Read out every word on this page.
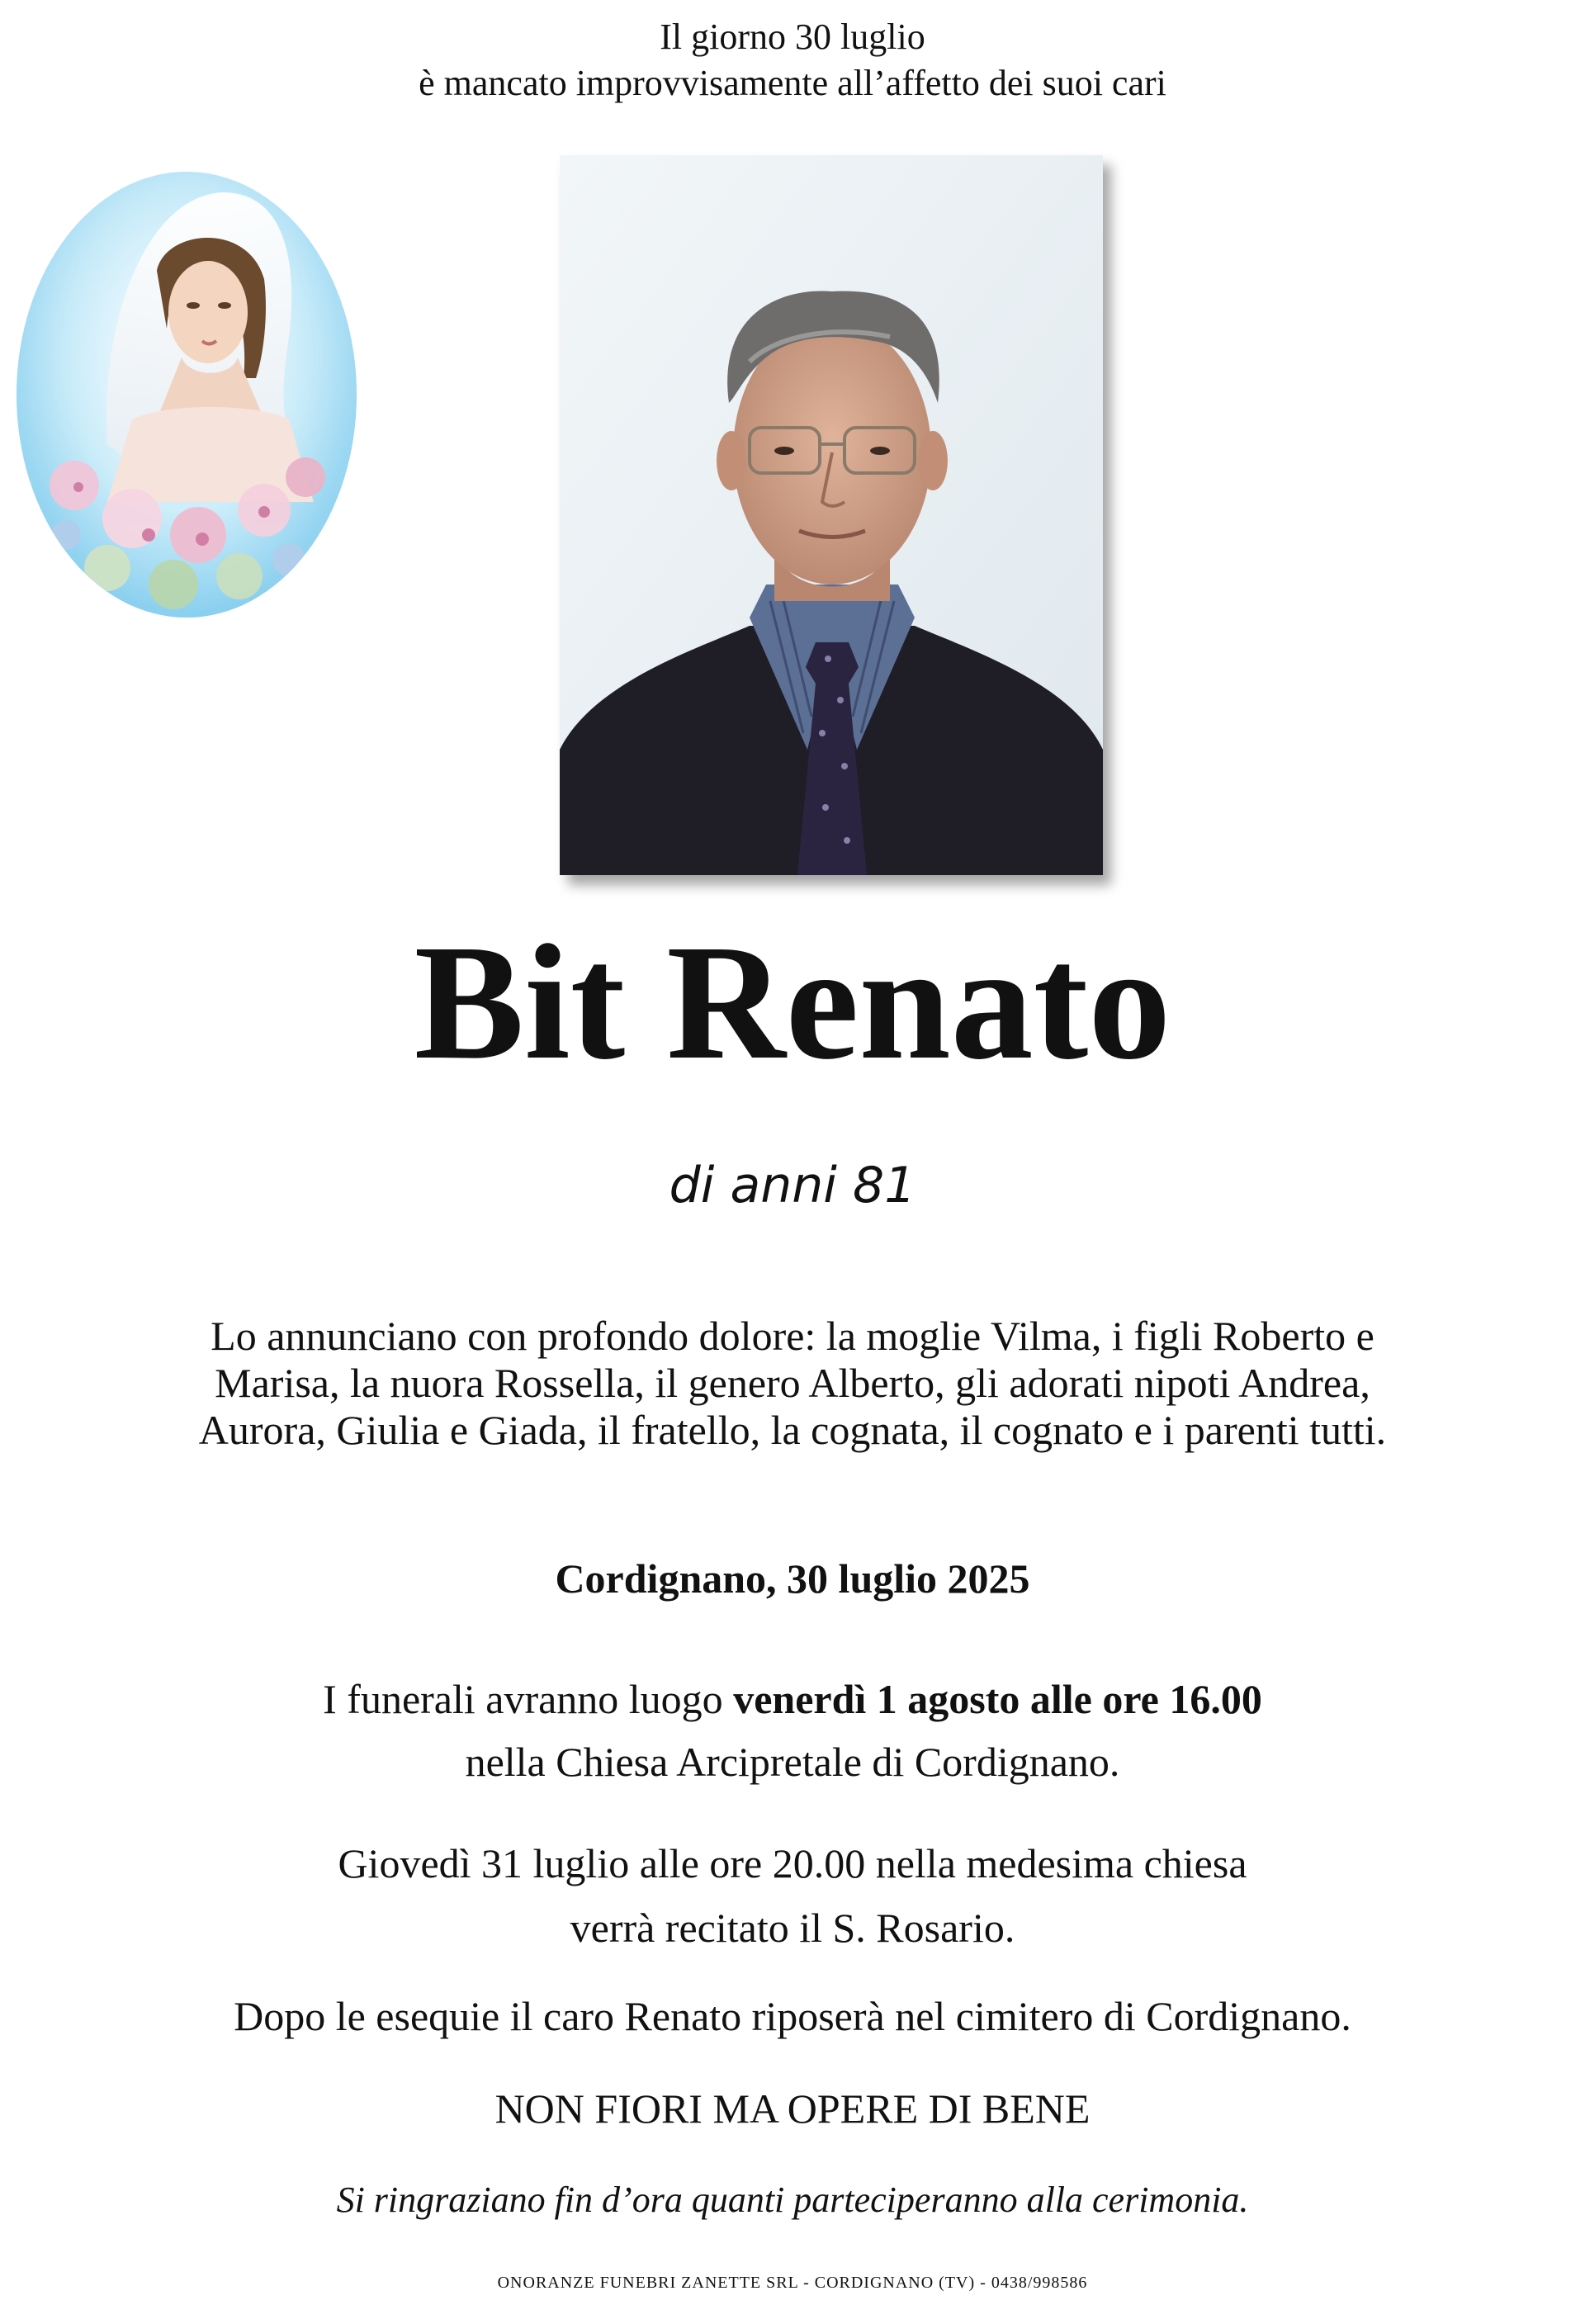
Il giorno 30 luglio
è mancato improvvisamente all’affetto dei suoi cari
Bit Renato
di anni 81
Lo annunciano con profondo dolore: la moglie Vilma, i figli Roberto e
Marisa, la nuora Rossella, il genero Alberto, gli adorati nipoti Andrea,
Aurora, Giulia e Giada, il fratello, la cognata, il cognato e i parenti tutti.
Cordignano, 30 luglio 2025
I funerali avranno luogo venerdì 1 agosto alle ore 16.00
nella Chiesa Arcipretale di Cordignano.
Giovedì 31 luglio alle ore 20.00 nella medesima chiesa
verrà recitato il S. Rosario.
Dopo le esequie il caro Renato riposerà nel cimitero di Cordignano.
NON FIORI MA OPERE DI BENE
Si ringraziano fin d’ora quanti parteciperanno alla cerimonia.
ONORANZE FUNEBRI ZANETTE SRL - CORDIGNANO (TV) - 0438/998586
